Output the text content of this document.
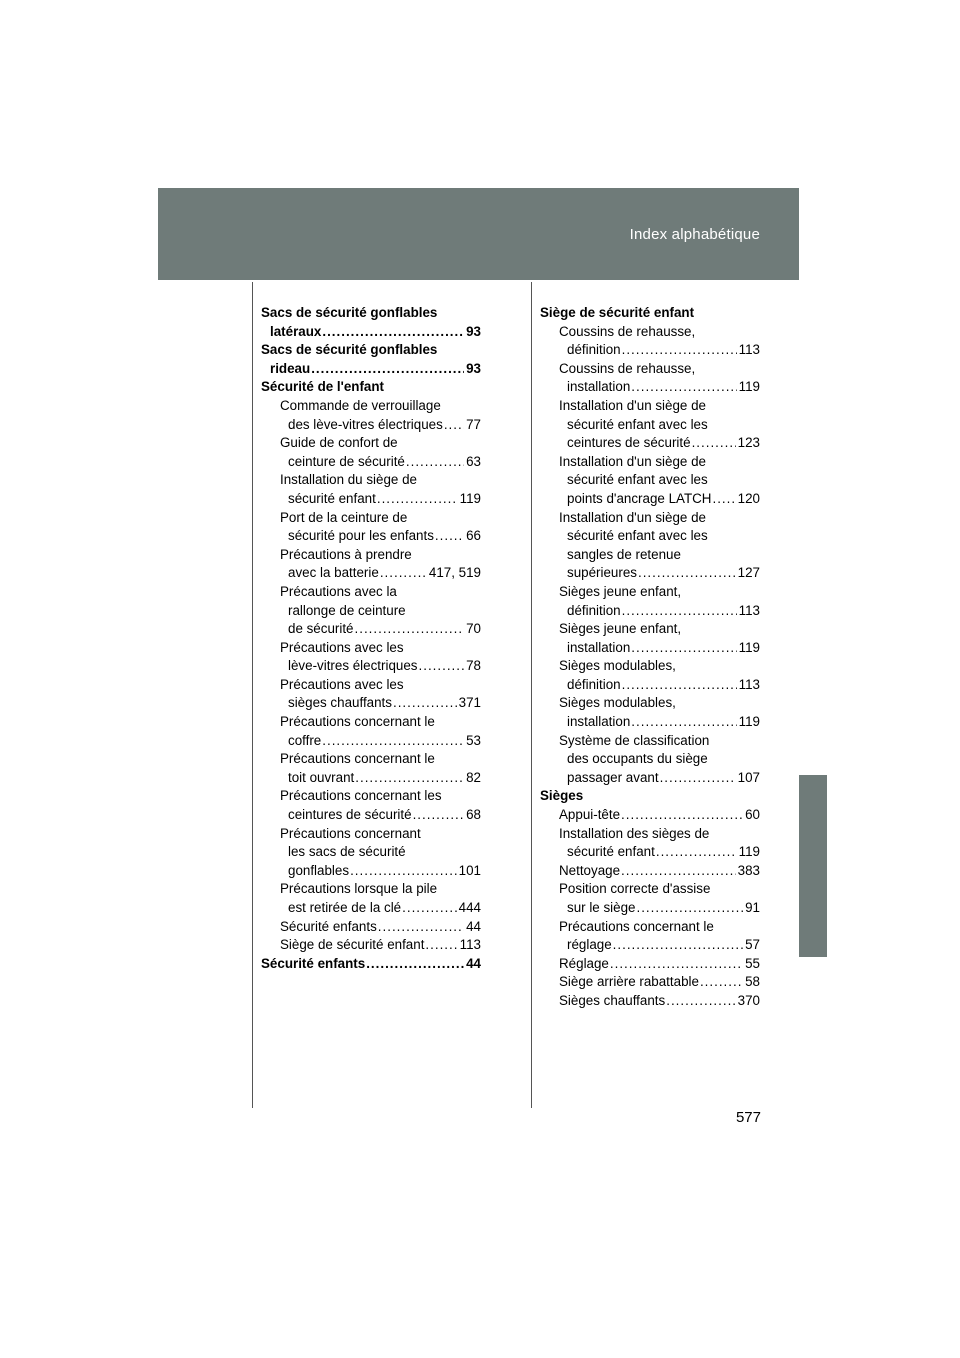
Index alphabétique
Sacs de sécurité gonflables
latéraux .....	93
Sacs de sécurité gonflables
rideau .....	93
Sécurité de l'enfant
Commande de verrouillage
des lève-vitres électriques ..... 77
Guide de confort de
ceinture de sécurité .....	63
Installation du siège de
sécurité enfant .....	119
Port de la ceinture de
sécurité pour les enfants ..... 66
Précautions à prendre
avec la batterie .....	417, 519
Précautions avec la
rallonge de ceinture
de sécurité .....	70
Précautions avec les
lève-vitres électriques .....	78
Précautions avec les
sièges chauffants .....	371
Précautions concernant le
coffre .....	53
Précautions concernant le
toit ouvrant .....	82
Précautions concernant les
ceintures de sécurité .....	68
Précautions concernant
les sacs de sécurité
gonflables .....	101
Précautions lorsque la pile
est retirée de la clé .....	444
Sécurité enfants .....	44
Siège de sécurité enfant .....	113
Sécurité enfants .....	44
Siège de sécurité enfant
Coussins de rehausse,
définition .....	113
Coussins de rehausse,
installation .....	119
Installation d'un siège de
sécurité enfant avec les
ceintures de sécurité .....	123
Installation d'un siège de
sécurité enfant avec les
points d'ancrage LATCH ..... 120
Installation d'un siège de
sécurité enfant avec les
sangles de retenue
supérieures .....	127
Sièges jeune enfant,
définition .....	113
Sièges jeune enfant,
installation .....	119
Sièges modulables,
définition .....	113
Sièges modulables,
installation .....	119
Système de classification
des occupants du siège
passager avant .....	107
Sièges
Appui-tête .....	60
Installation des sièges de
sécurité enfant .....	119
Nettoyage .....	383
Position correcte d'assise
sur le siège .....	91
Précautions concernant le
réglage .....	57
Réglage .....	55
Siège arrière rabattable .....	58
Sièges chauffants .....	370
577
